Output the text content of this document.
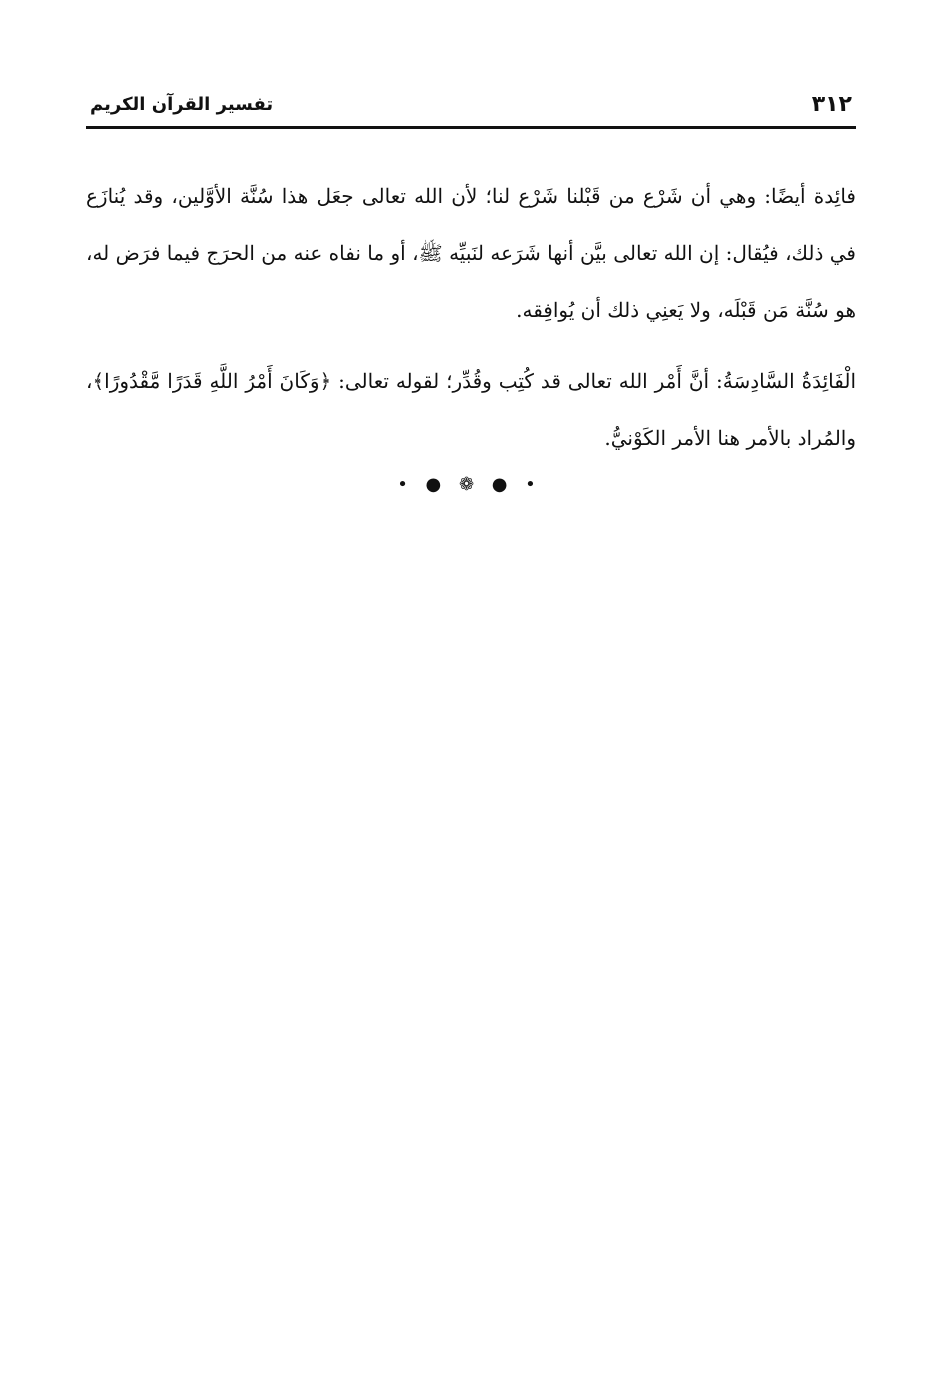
٣١٢
تفسير القرآن الكريم

فائِدة أيضًا: وهي أن شَرْع من قَبْلنا شَرْع لنا؛ لأن الله تعالى جعَل هذا سُنَّة الأوَّلين، وقد يُنازَع في ذلك، فيُقال: إن الله تعالى بيَّن أنها شَرَعه لنَبيِّه ﷺ، أو ما نفاه عنه من الحرَج فيما فرَض له، هو سُنَّة مَن قَبْلَه، ولا يَعنِي ذلك أن يُوافِقه.

الْفَائِدَةُ السَّادِسَةُ: أنَّ أَمْر الله تعالى قد كُتِب وقُدِّر؛ لقوله تعالى: ﴿وَكَانَ أَمْرُ اللَّهِ قَدَرًا مَّقْدُورًا﴾، والمُراد بالأمر هنا الأمر الكَوْنيُّ.

• ● ❁ ● •
